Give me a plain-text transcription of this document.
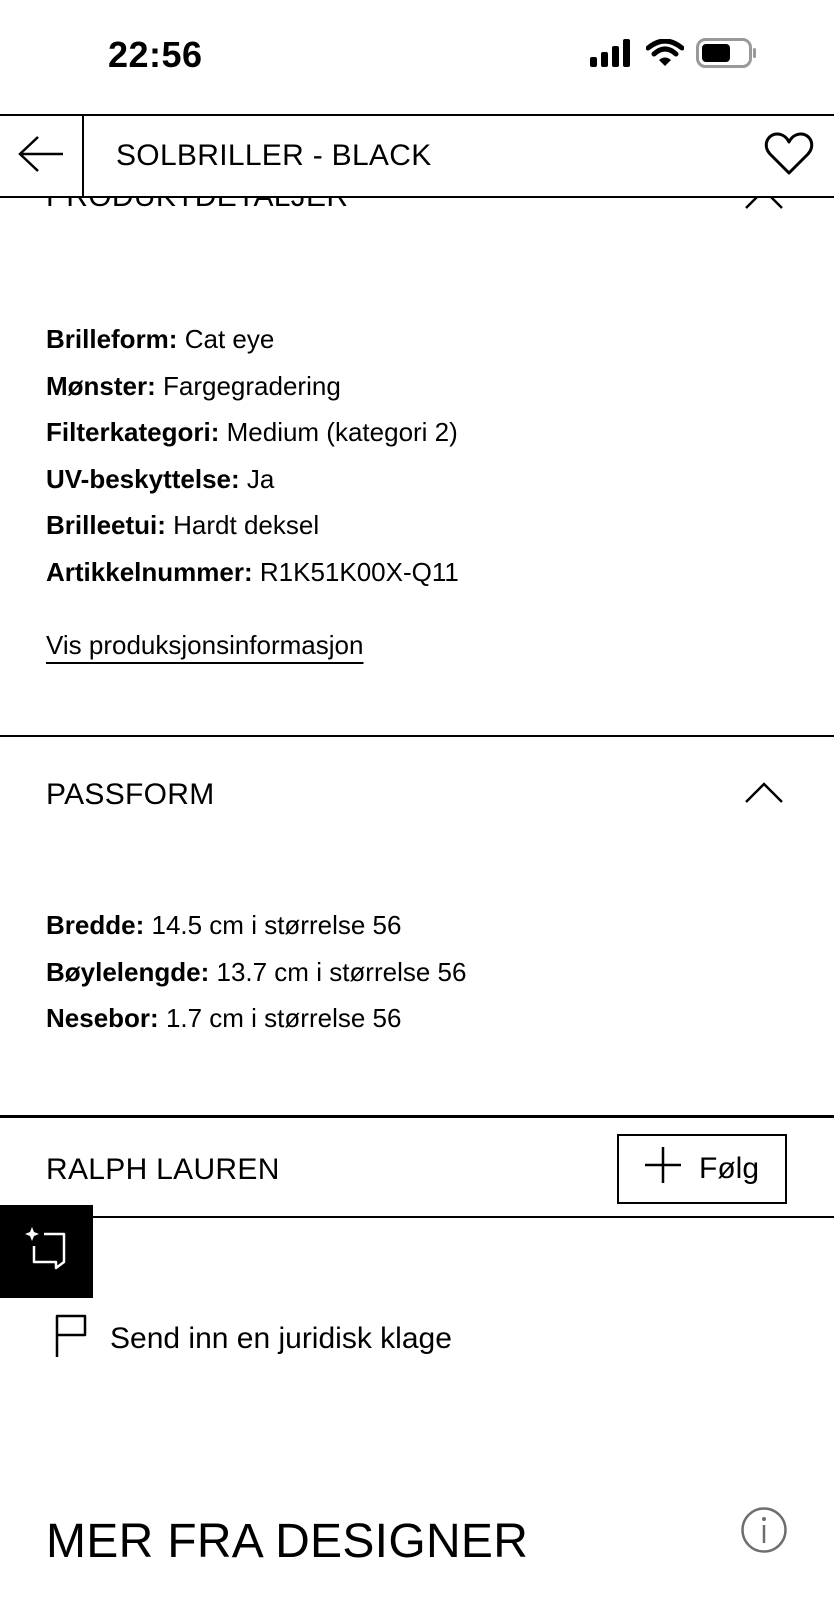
22:56
SOLBRILLER - BLACK
Brilleform: Cat eye
Mønster: Fargegradering
Filterkategori: Medium (kategori 2)
UV-beskyttelse: Ja
Brilleetui: Hardt deksel
Artikkelnummer: R1K51K00X-Q11
Vis produksjonsinformasjon
PASSFORM
Bredde: 14.5 cm i størrelse 56
Bøylelengde: 13.7 cm i størrelse 56
Nesebor: 1.7 cm i størrelse 56
RALPH LAUREN	Følg
Send inn en juridisk klage
MER FRA DESIGNER
